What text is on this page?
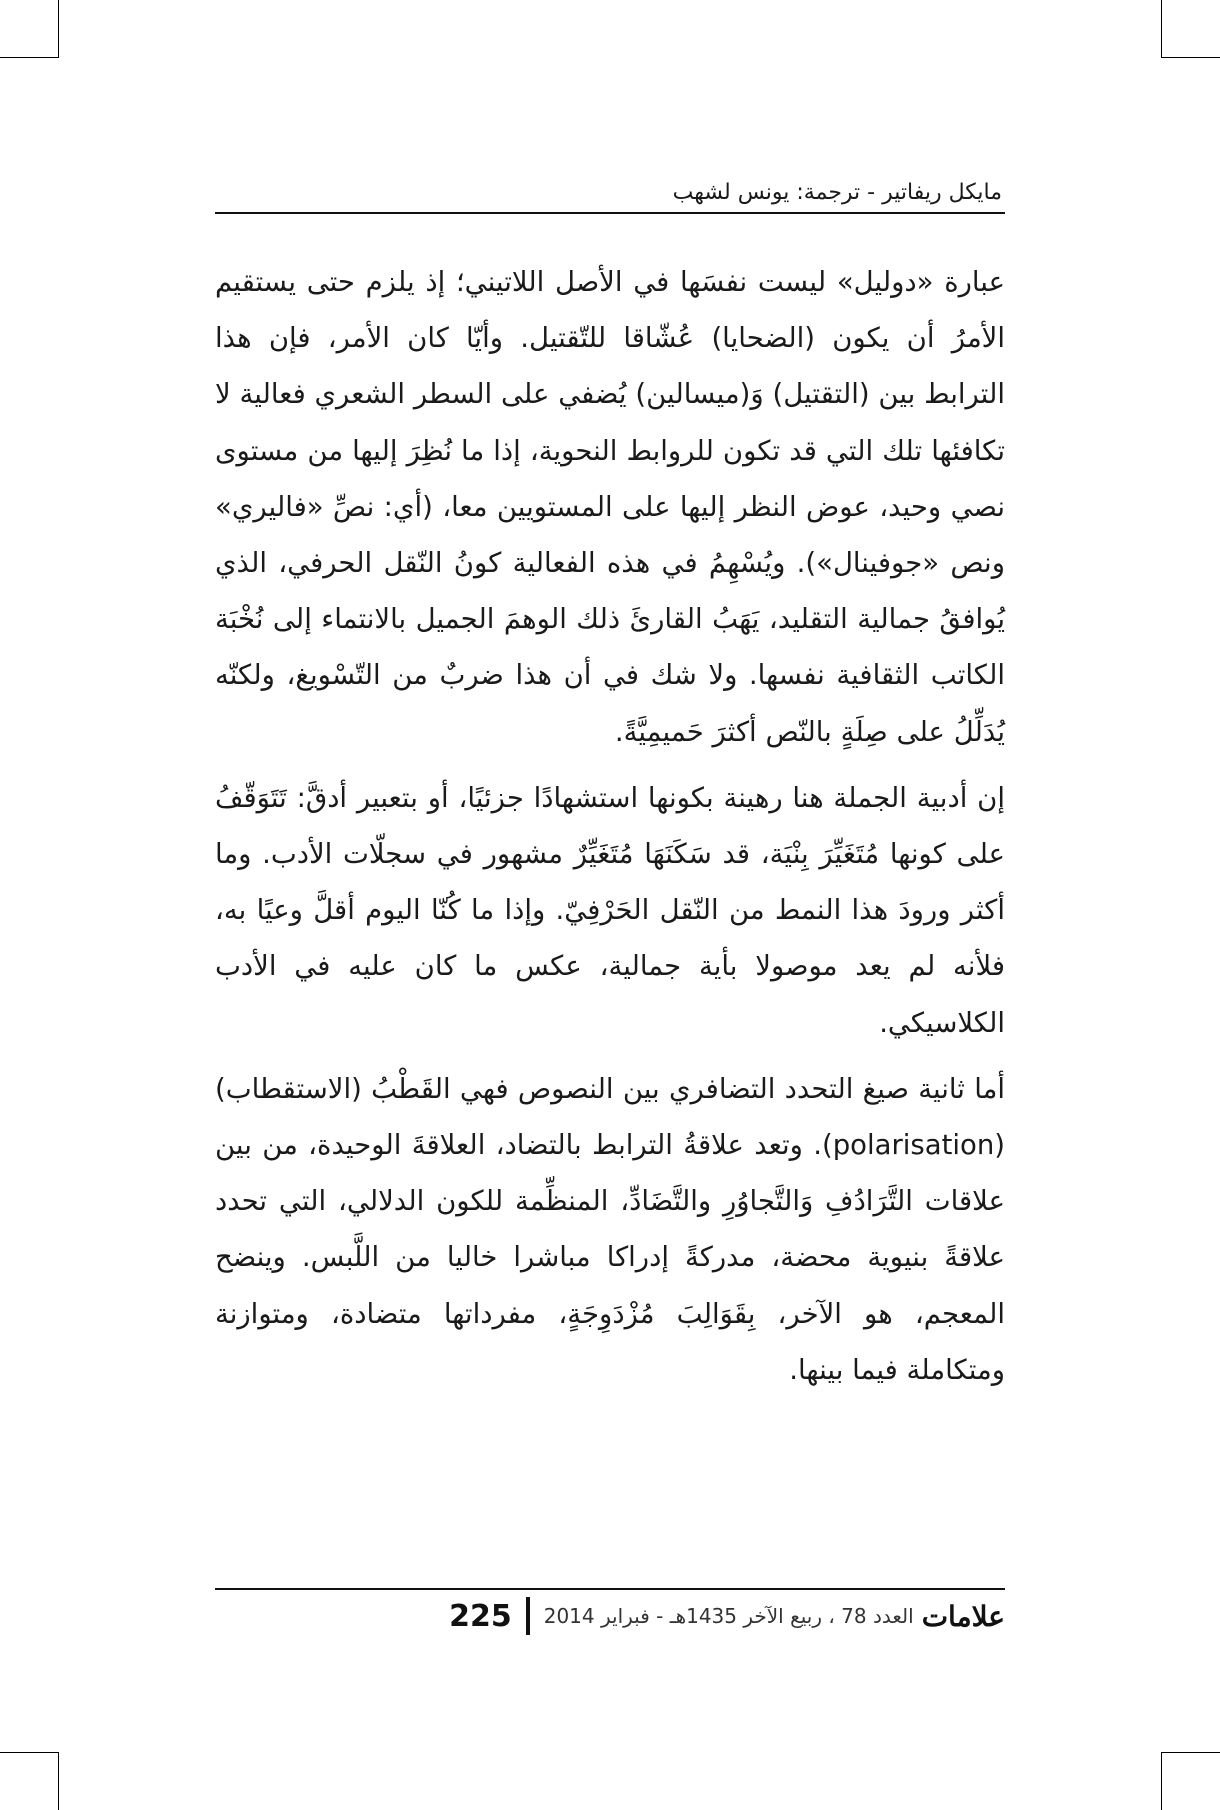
مايكل ريفاتير - ترجمة: يونس لشهب

عبارة «دوليل» ليست نفسَها في الأصل اللاتيني؛ إذ يلزم حتى يستقيم الأمرُ أن يكون (الضحايا) عُشّاقا للتّقتيل. وأيّا كان الأمر، فإن هذا الترابط بين (التقتيل) وَ(ميسالين) يُضفي على السطر الشعري فعالية لا تكافئها تلك التي قد تكون للروابط النحوية، إذا ما نُظِرَ إليها من مستوى نصي وحيد، عوض النظر إليها على المستويين معا، (أي: نصِّ «فاليري» ونص «جوفينال»). ويُسْهِمُ في هذه الفعالية كونُ النّقل الحرفي، الذي يُوافقُ جمالية التقليد، يَهَبُ القارئَ ذلك الوهمَ الجميل بالانتماء إلى نُخْبَة الكاتب الثقافية نفسها. ولا شك في أن هذا ضربٌ من التّسْويغ، ولكنّه يُدَلِّلُ على صِلَةٍ بالنّص أكثرَ حَميمِيَّةً.

إن أدبية الجملة هنا رهينة بكونها استشهادًا جزئيًا، أو بتعبير أدقَّ: تَتَوَقّفُ على كونها مُتَغَيِّرَ بِنْيَة، قد سَكَنَهَا مُتَغَيِّرٌ مشهور في سجلّات الأدب. وما أكثر ورودَ هذا النمط من النّقل الحَرْفِيّ. وإذا ما كُنّا اليوم أقلَّ وعيًا به، فلأنه لم يعد موصولا بأية جمالية، عكس ما كان عليه في الأدب الكلاسيكي.

أما ثانية صيغ التحدد التضافري بين النصوص فهي القَطْبُ (الاستقطاب) (polarisation). وتعد علاقةُ الترابط بالتضاد، العلاقةَ الوحيدة، من بين علاقات التَّرَادُفِ وَالتَّجاوُرِ والتَّضَادِّ، المنظِّمة للكون الدلالي، التي تحدد علاقةً بنيوية محضة، مدركةً إدراكا مباشرا خاليا من اللَّبس. وينضح المعجم، هو الآخر، بِقَوَالِبَ مُزْدَوِجَةٍ، مفرداتها متضادة، ومتوازنة ومتكاملة فيما بينها.

علامات
العدد 78 ، ربيع الآخر 1435هـ - فبراير 2014
225
